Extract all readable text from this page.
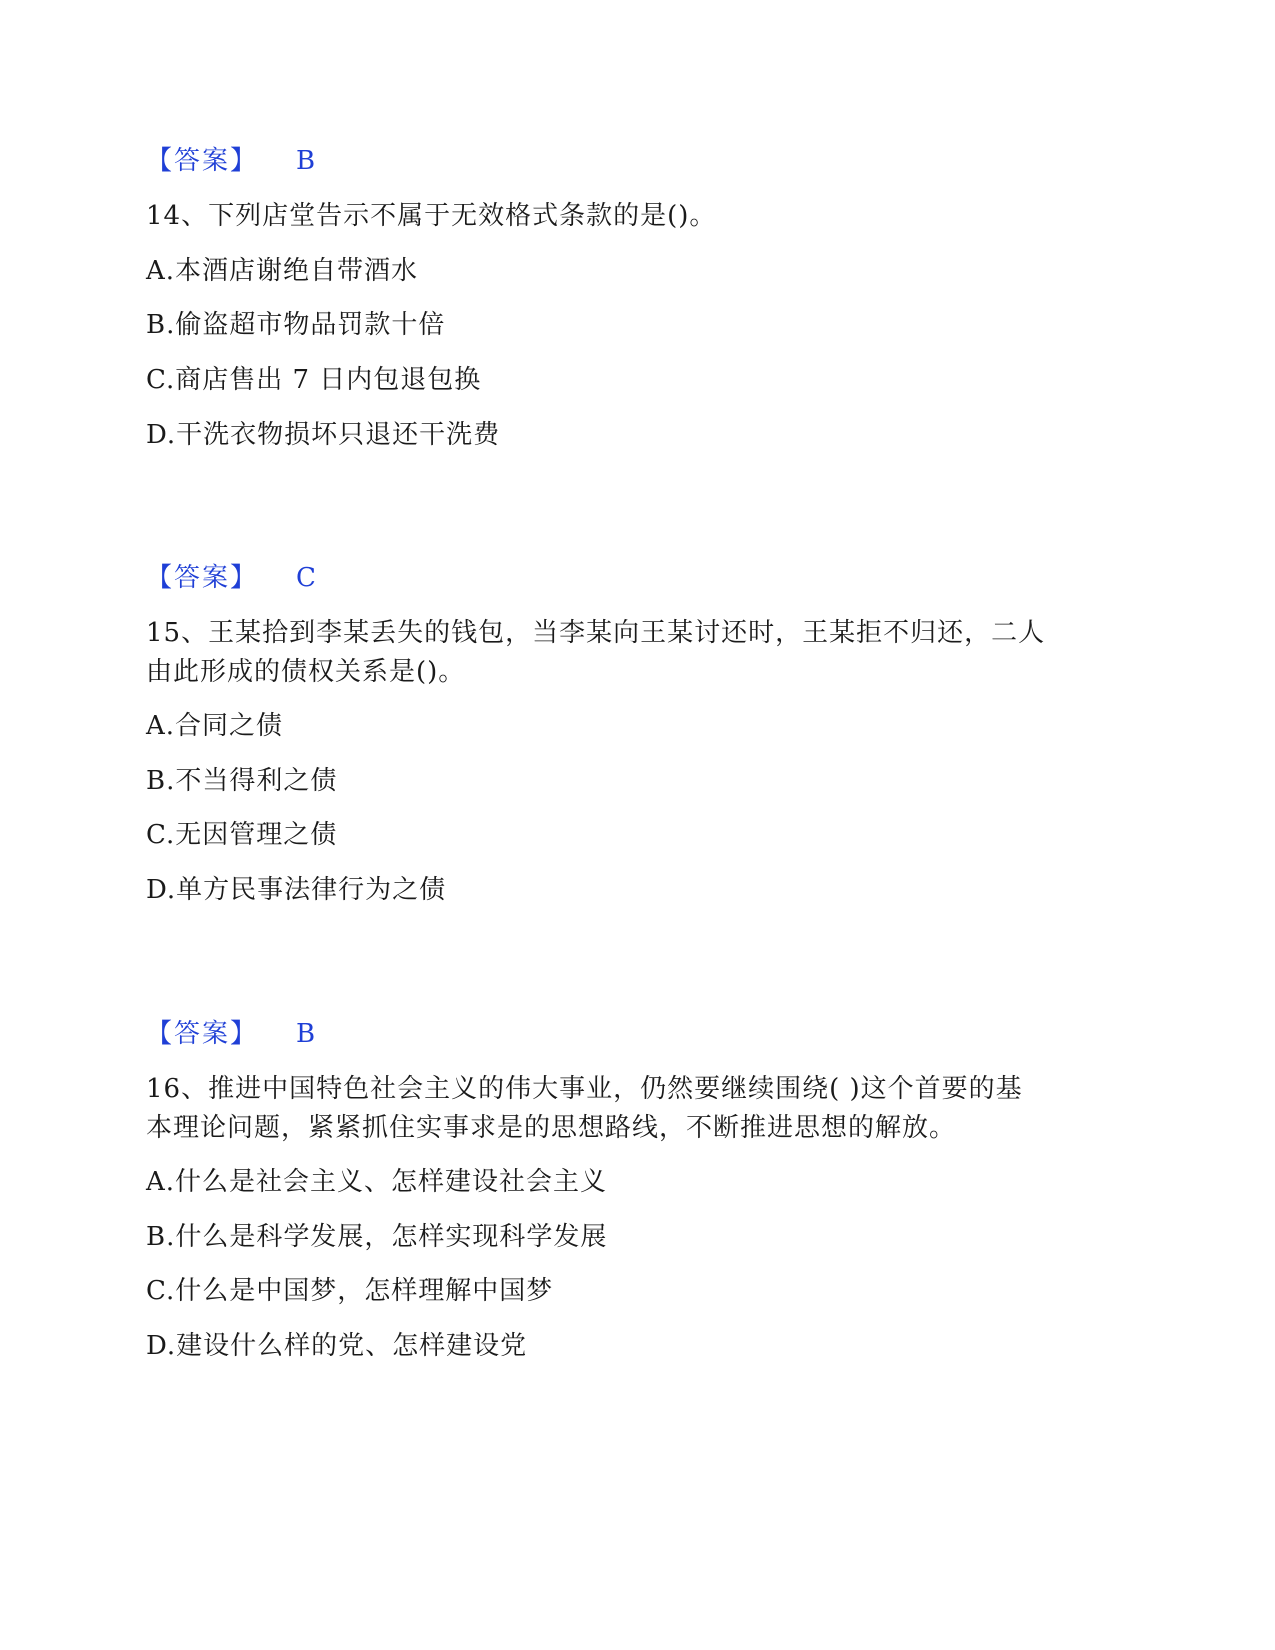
【答案】 B
14、下列店堂告示不属于无效格式条款的是()。
A.本酒店谢绝自带酒水
B.偷盗超市物品罚款十倍
C.商店售出 7 日内包退包换
D.干洗衣物损坏只退还干洗费
【答案】 C
15、王某拾到李某丢失的钱包，当李某向王某讨还时，王某拒不归还，二人
由此形成的债权关系是()。
A.合同之债
B.不当得利之债
C.无因管理之债
D.单方民事法律行为之债
【答案】 B
16、推进中国特色社会主义的伟大事业，仍然要继续围绕( )这个首要的基
本理论问题，紧紧抓住实事求是的思想路线，不断推进思想的解放。
A.什么是社会主义、怎样建设社会主义
B.什么是科学发展，怎样实现科学发展
C.什么是中国梦，怎样理解中国梦
D.建设什么样的党、怎样建设党
